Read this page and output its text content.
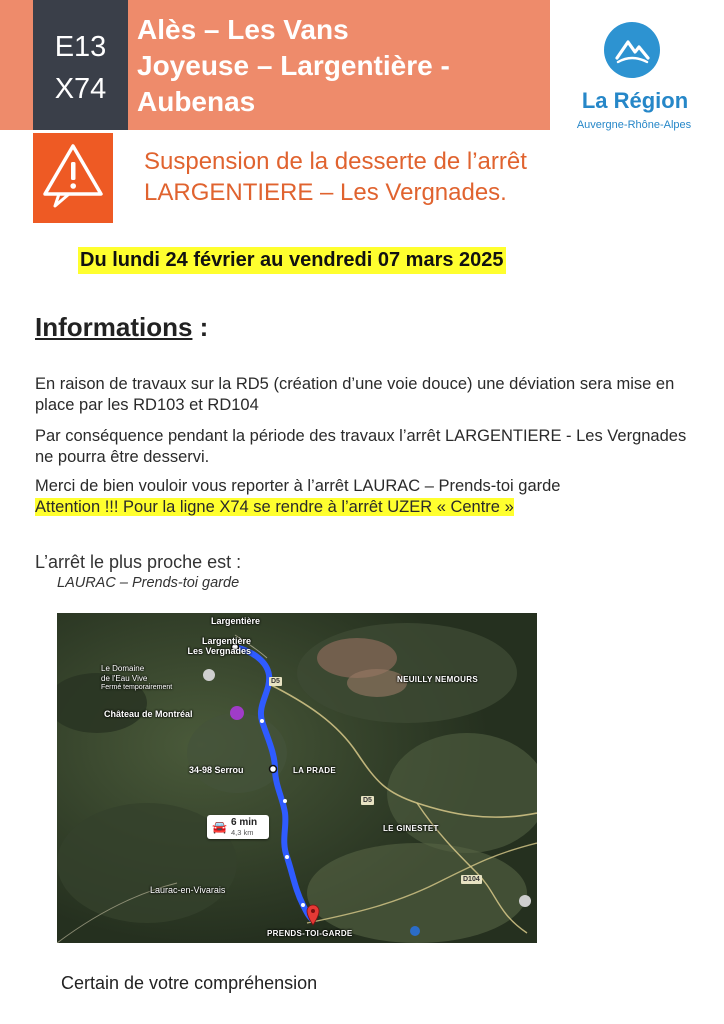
E13
X74
Alès – Les Vans
Joyeuse – Largentière -
Aubenas	La Région
Auvergne-Rhône-Alpes
Suspension de la desserte de l’arrêt
LARGENTIERE – Les Vergnades.
Du lundi 24 février au vendredi 07 mars 2025
Informations :
En raison de travaux sur la RD5 (création d’une voie douce) une déviation sera mise en place par les RD103 et RD104
Par conséquence pendant la période des travaux l’arrêt LARGENTIERE - Les Vergnades ne pourra être desservi.
Merci de bien vouloir vous reporter à l’arrêt LAURAC – Prends-toi garde
Attention !!! Pour la ligne X74 se rendre à l’arrêt UZER « Centre »
L’arrêt le plus proche est :
LAURAC – Prends-toi garde
Largentière
Largentière
Les Vergnades
Le Domaine
de l'Eau Vive
Fermé temporairement
Château de Montréal
34-98 Serrou	LA PRADE
NEUILLY NEMOURS
LE GINESTET
Laurac-en-Vivarais
PRENDS-TOI-GARDE
D5
D5
D104
🚘 6 min
4,3 km
Certain de votre compréhension
